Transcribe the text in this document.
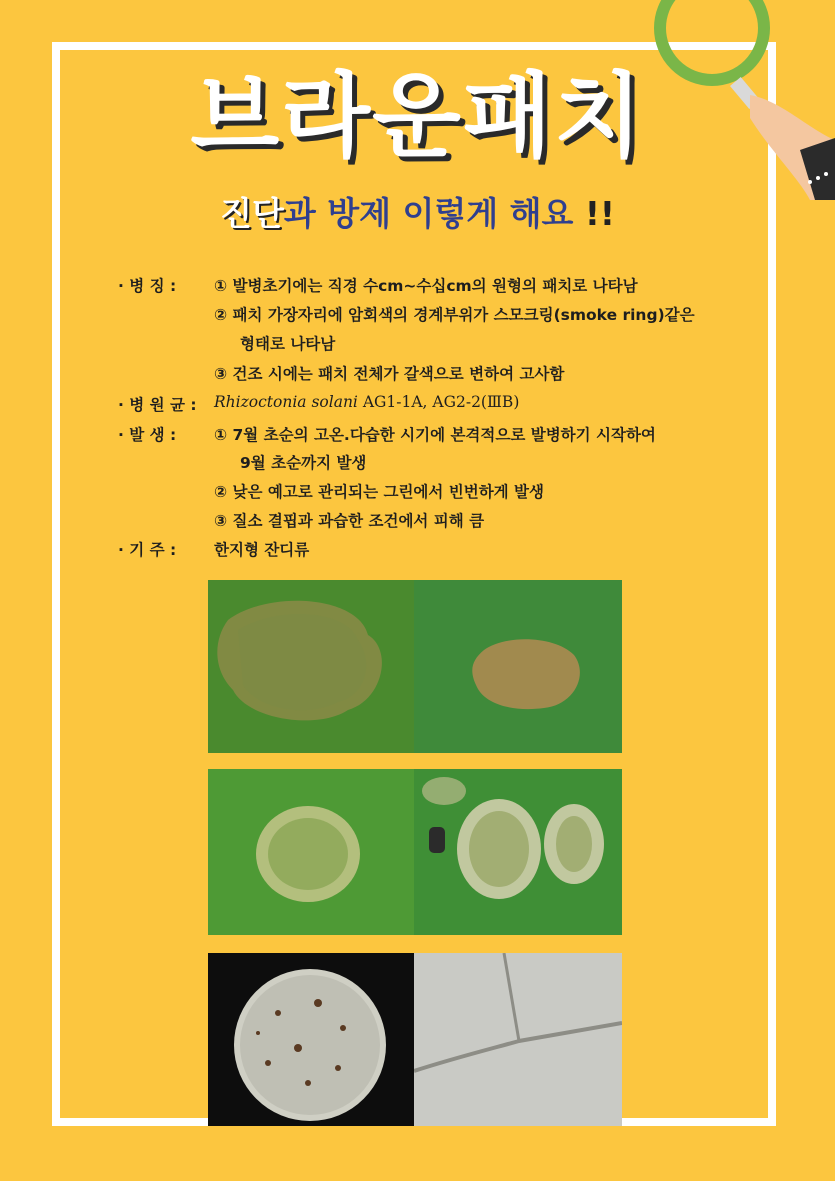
브라운패치
진단과 방제 이렇게 해요 !!
· 병 징 :	① 발병초기에는 직경 수cm~수십cm의 원형의 패치로 나타남
② 패치 가장자리에 암회색의 경계부위가 스모크링(smoke ring)같은
형태로 나타남
③ 건조 시에는 패치 전체가 갈색으로 변하여 고사함
· 병 원 균 :	Rhizoctonia solani AG1-1A, AG2-2(ⅢB)
· 발 생 :	① 7월 초순의 고온.다습한 시기에 본격적으로 발병하기 시작하여
9월 초순까지 발생
② 낮은 예고로 관리되는 그린에서 빈번하게 발생
③ 질소 결핍과 과습한 조건에서 피해 큼
· 기 주 :	한지형 잔디류
